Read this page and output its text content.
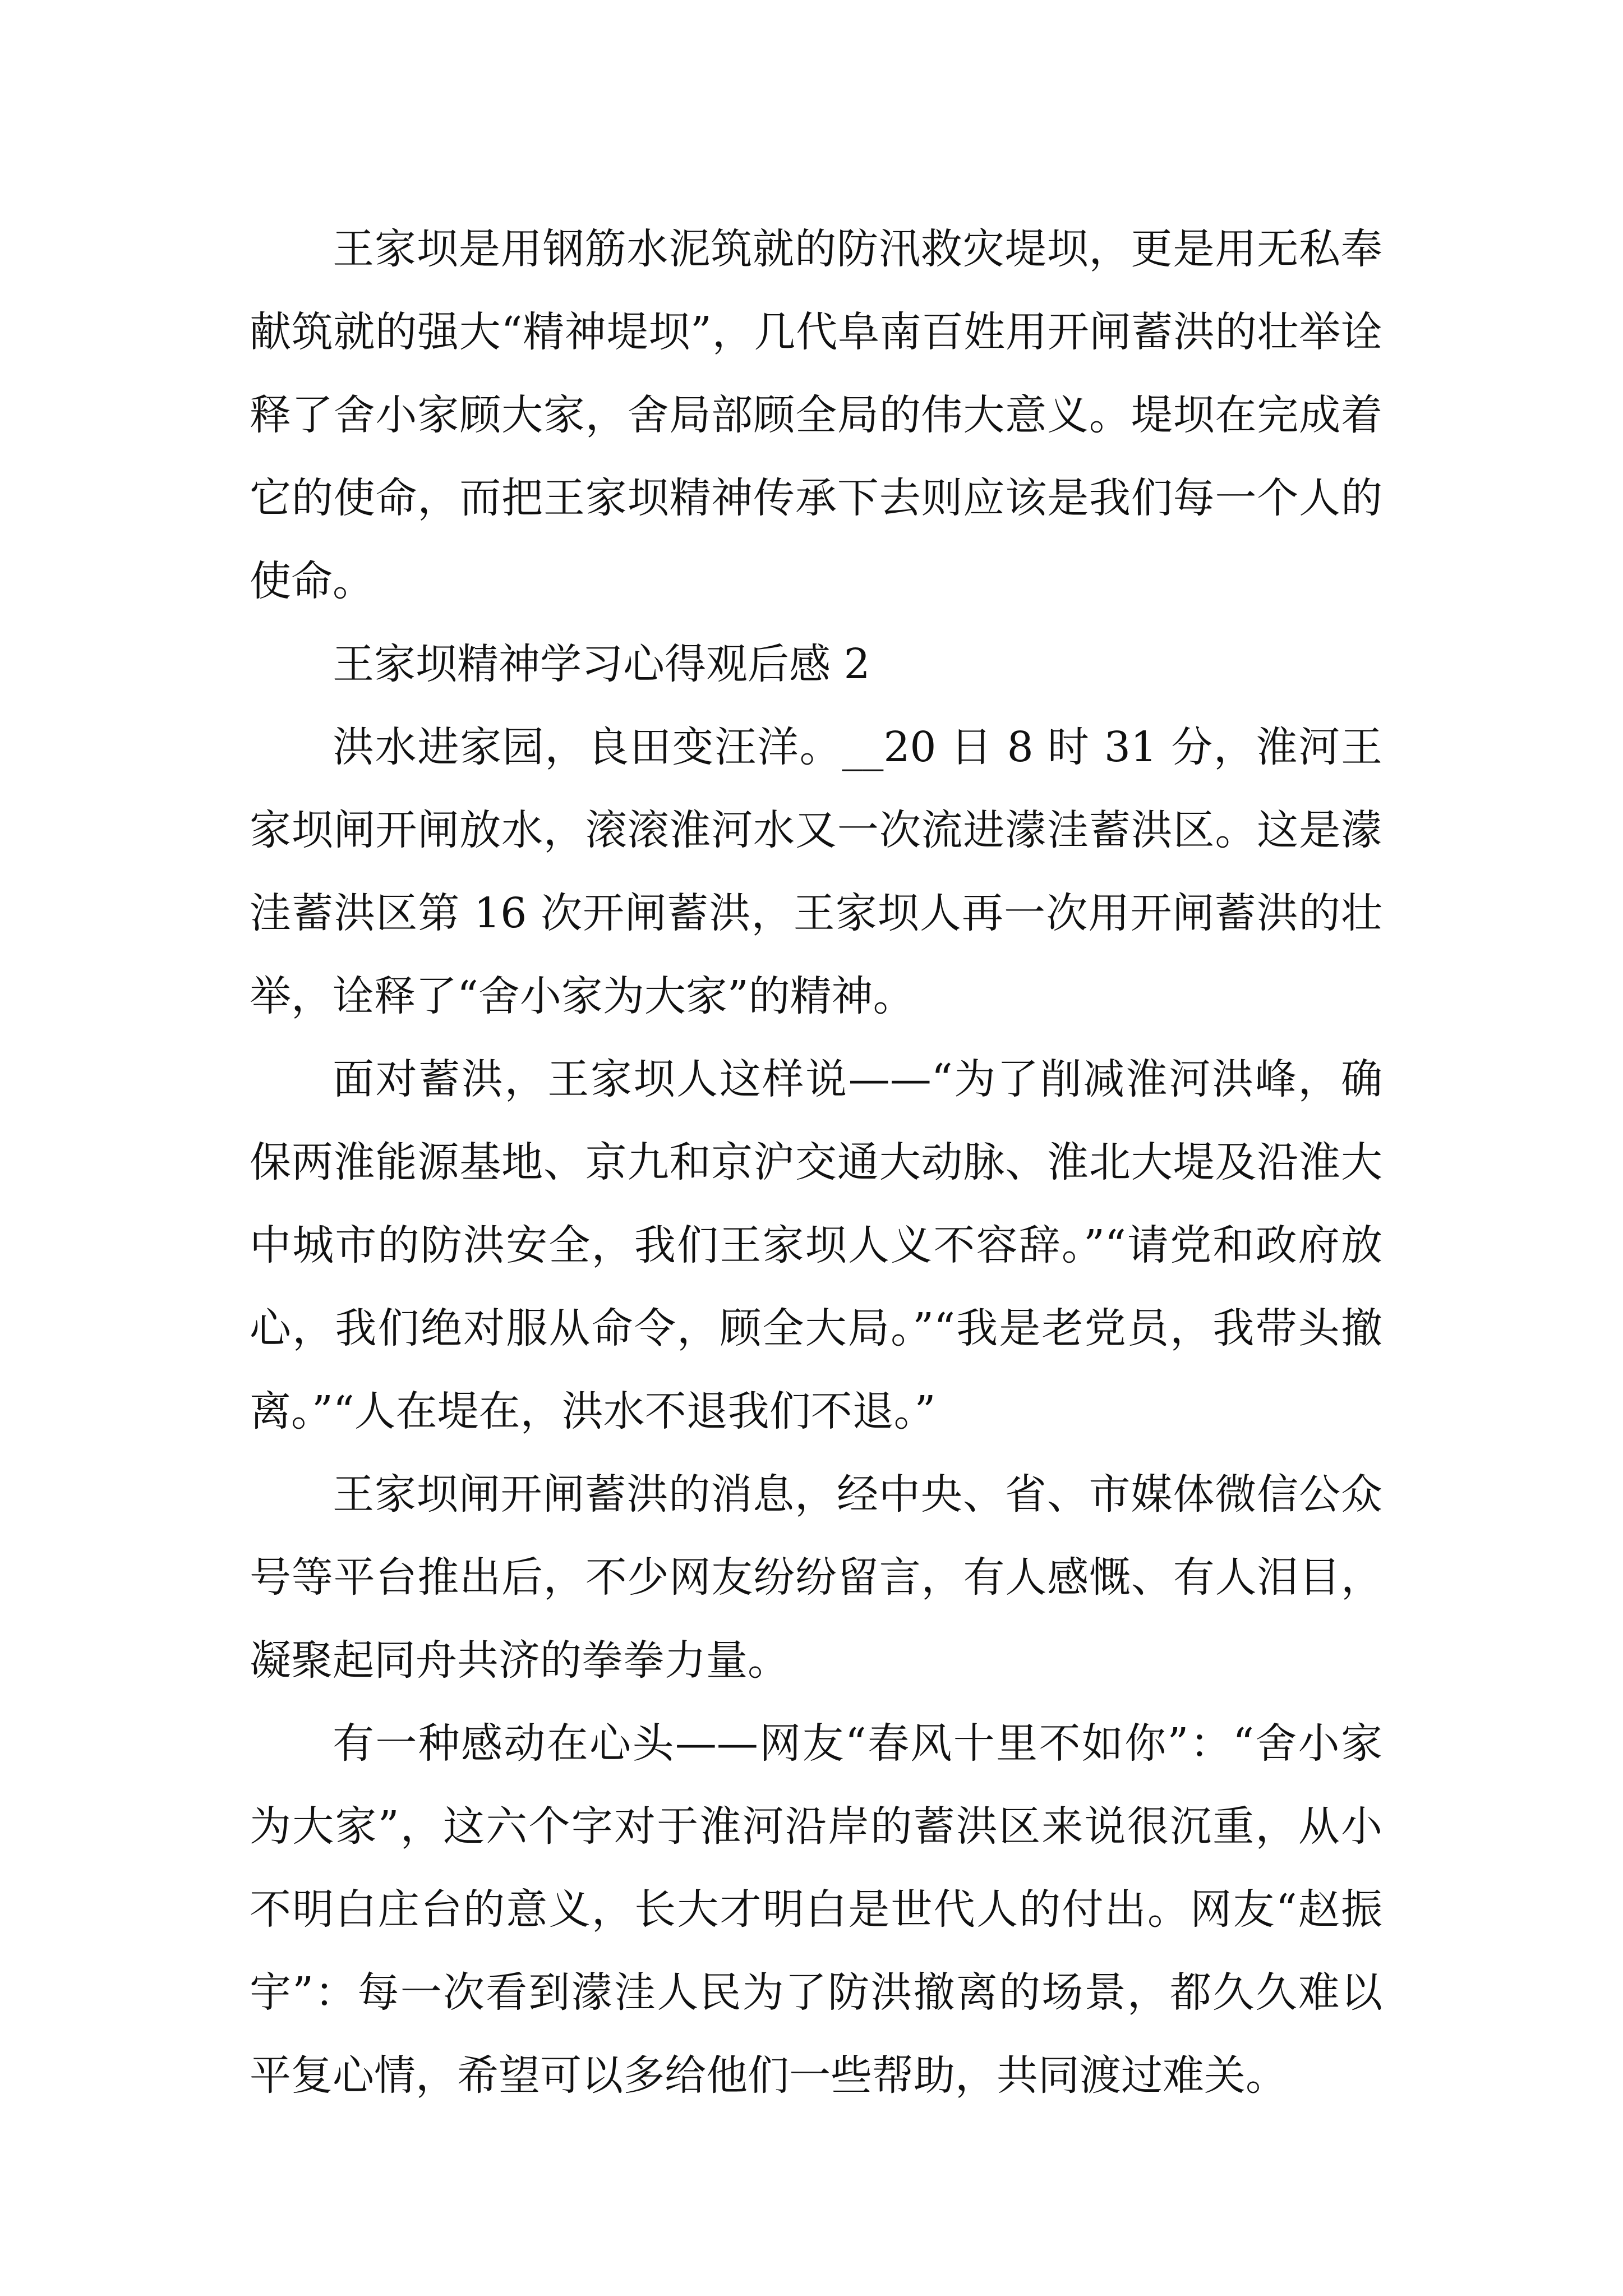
王家坝是用钢筋水泥筑就的防汛救灾堤坝，更是用无私奉献筑就的强大“精神堤坝”，几代阜南百姓用开闸蓄洪的壮举诠释了舍小家顾大家，舍局部顾全局的伟大意义。堤坝在完成着它的使命，而把王家坝精神传承下去则应该是我们每一个人的使命。

王家坝精神学习心得观后感 2

洪水进家园，良田变汪洋。__20 日 8 时 31 分，淮河王家坝闸开闸放水，滚滚淮河水又一次流进濛洼蓄洪区。这是濛洼蓄洪区第 16 次开闸蓄洪，王家坝人再一次用开闸蓄洪的壮举，诠释了“舍小家为大家”的精神。

面对蓄洪，王家坝人这样说——“为了削减淮河洪峰，确保两淮能源基地、京九和京沪交通大动脉、淮北大堤及沿淮大中城市的防洪安全，我们王家坝人义不容辞。”“请党和政府放心，我们绝对服从命令，顾全大局。”“我是老党员，我带头撤离。”“人在堤在，洪水不退我们不退。”

王家坝闸开闸蓄洪的消息，经中央、省、市媒体微信公众号等平台推出后，不少网友纷纷留言，有人感慨、有人泪目，凝聚起同舟共济的拳拳力量。

有一种感动在心头——网友“春风十里不如你”：“舍小家为大家”，这六个字对于淮河沿岸的蓄洪区来说很沉重，从小不明白庄台的意义，长大才明白是世代人的付出。网友“赵振宇”：每一次看到濛洼人民为了防洪撤离的场景，都久久难以平复心情，希望可以多给他们一些帮助，共同渡过难关。
